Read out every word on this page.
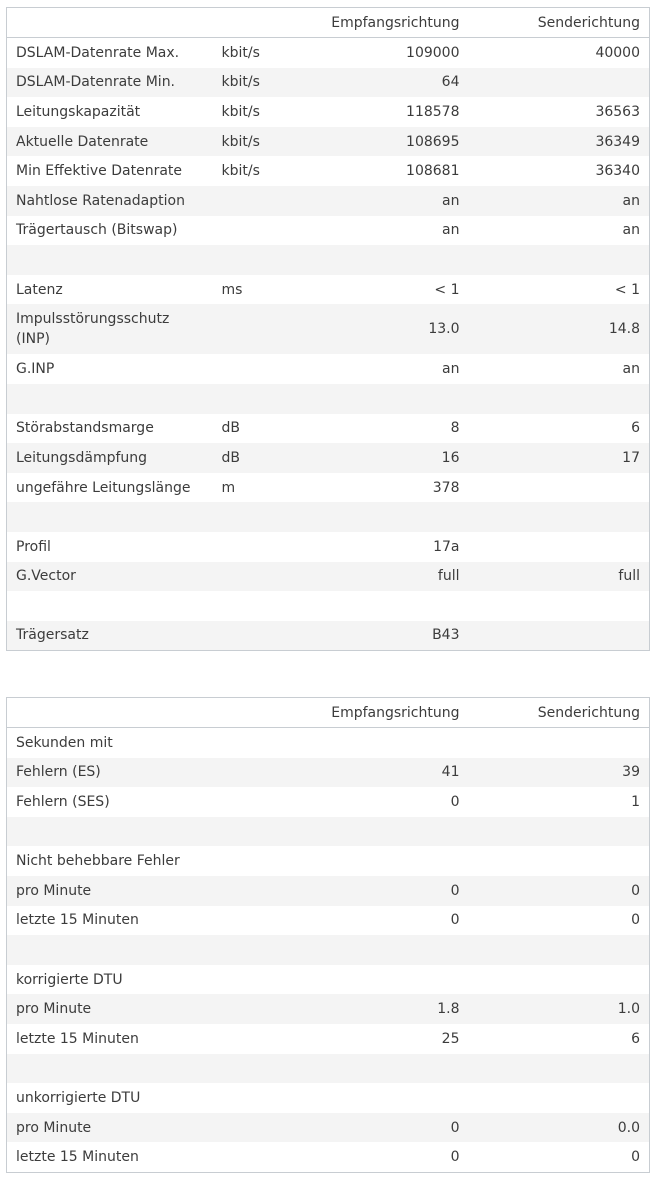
		Empfangsrichtung	Senderichtung
DSLAM-Datenrate Max.	kbit/s	109000	40000
DSLAM-Datenrate Min.	kbit/s	64	
Leitungskapazität	kbit/s	118578	36563
Aktuelle Datenrate	kbit/s	108695	36349
Min Effektive Datenrate	kbit/s	108681	36340
Nahtlose Ratenadaption		an	an
Trägertausch (Bitswap)		an	an

Latenz	ms	< 1	< 1
Impulsstörungsschutz (INP)		13.0	14.8
G.INP		an	an

Störabstandsmarge	dB	8	6
Leitungsdämpfung	dB	16	17
ungefähre Leitungslänge	m	378	

Profil		17a	
G.Vector		full	full

Trägersatz		B43	
		Empfangsrichtung	Senderichtung
Sekunden mit			
Fehlern (ES)		41	39
Fehlern (SES)		0	1

Nicht behebbare Fehler			
pro Minute		0	0
letzte 15 Minuten		0	0

korrigierte DTU			
pro Minute		1.8	1.0
letzte 15 Minuten		25	6

unkorrigierte DTU			
pro Minute		0	0.0
letzte 15 Minuten		0	0
